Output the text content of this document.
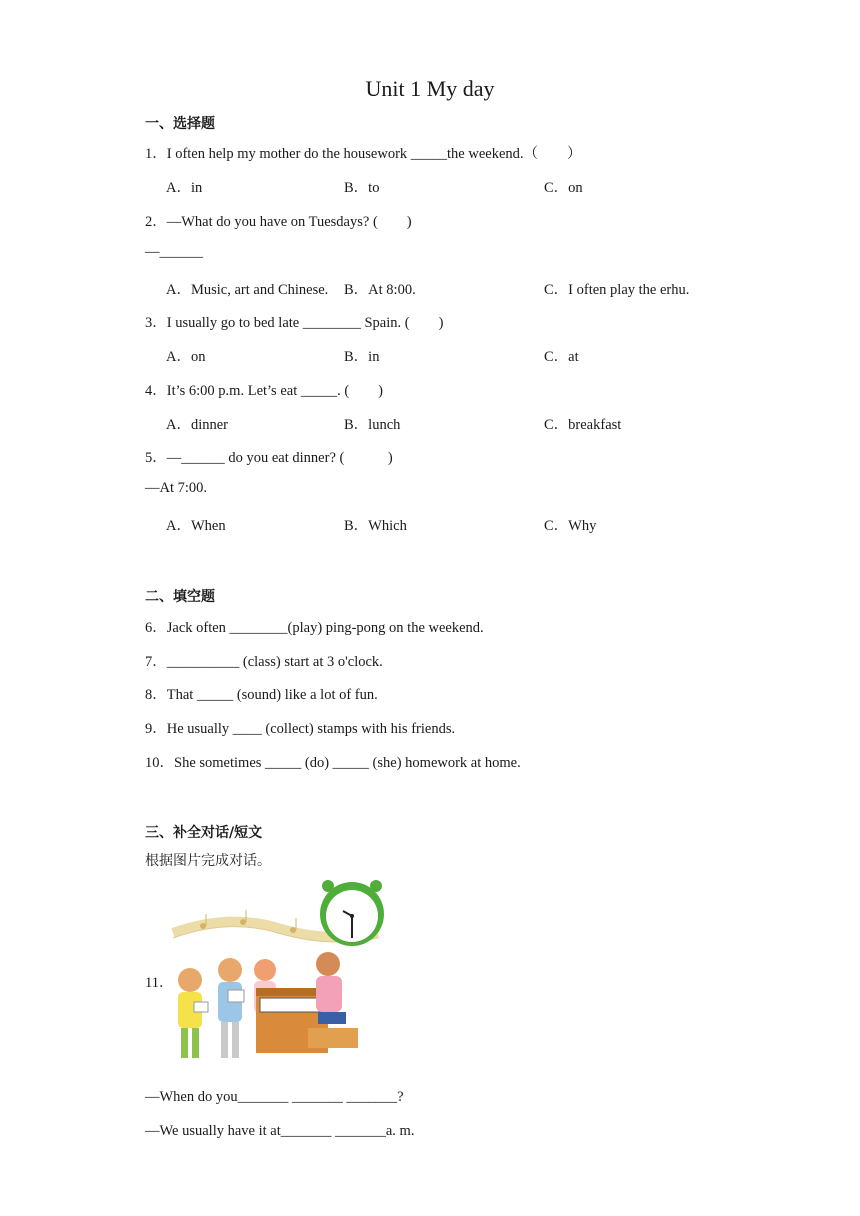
Unit 1 My day
一、选择题
1．I often help my mother do the housework _____the weekend.（　　）
A．in	B．to	C．on
2．—What do you have on Tuesdays? (　　)
—______
A．Music, art and Chinese. B．At 8:00.	C．I often play the erhu.
3．I usually go to bed late ________ Spain. (　　)
A．on	B．in	C．at
4．It’s 6:00 p.m. Let’s eat _____. (　　)
A．dinner	B．lunch	C．breakfast
5．—______ do you eat dinner? (　　　)
—At 7:00.
A．When	B．Which	C．Why
二、填空题
6．Jack often ________(play) ping-pong on the weekend.
7．__________ (class) start at 3 o'clock.
8．That _____ (sound) like a lot of fun.
9．He usually ____ (collect) stamps with his friends.
10．She sometimes _____ (do) _____ (she) homework at home.
三、补全对话/短文
根据图片完成对话。
11．
—When do you_______ _______ _______?
—We usually have it at_______ _______a. m.
